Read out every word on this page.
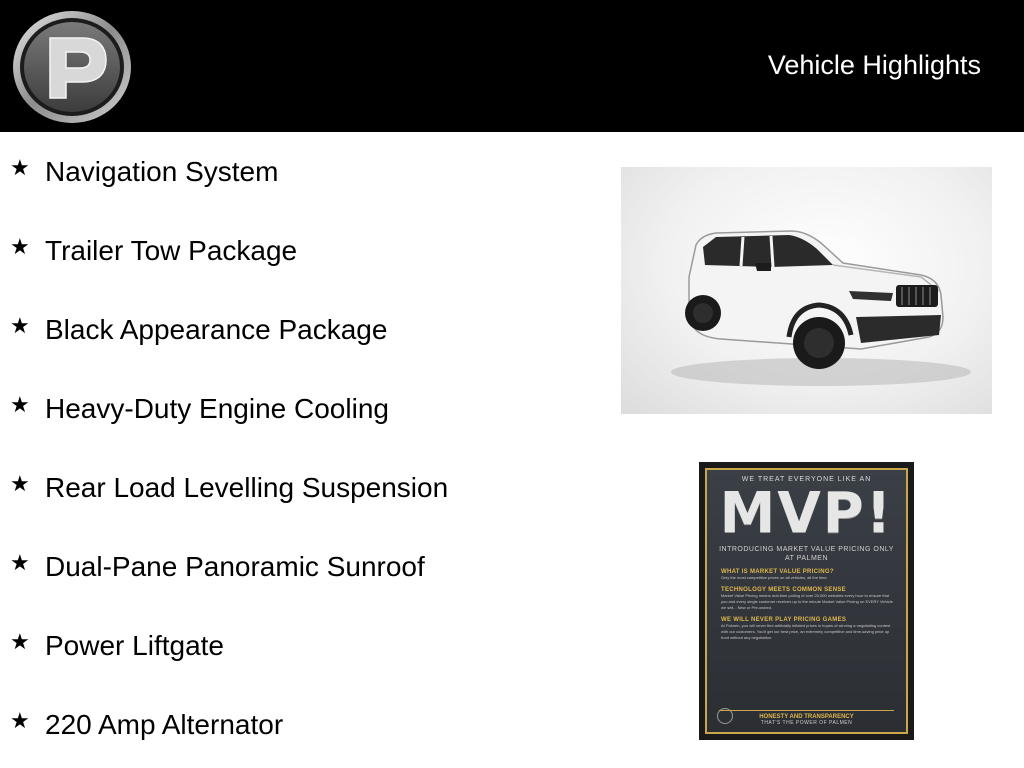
Vehicle Highlights
★ Navigation System
★ Trailer Tow Package
★ Black Appearance Package
★ Heavy-Duty Engine Cooling
★ Rear Load Levelling Suspension
★ Dual-Pane Panoramic Sunroof
★ Power Liftgate
★ 220 Amp Alternator
WE TREAT EVERYONE LIKE AN
MVP!
INTRODUCING MARKET VALUE PRICING ONLY AT PALMEN
WHAT IS MARKET VALUE PRICING?
Only the most competitive prices on all vehicles, all the time.
TECHNOLOGY MEETS COMMON SENSE
Market Value Pricing means real-time polling of over 20,000 websites every hour to ensure that you and every single customer receives up to the minute Market Value Pricing on EVERY Vehicle we sell... New or Pre-owned.
WE WILL NEVER PLAY PRICING GAMES
At Palmen, you will never find artificially inflated prices in hopes of winning a negotiating contest with our customers. You'll get our best price, an extremely competitive and time-saving price up front without any negotiation.
HONESTY AND TRANSPARENCY
THAT'S THE POWER OF PALMEN
